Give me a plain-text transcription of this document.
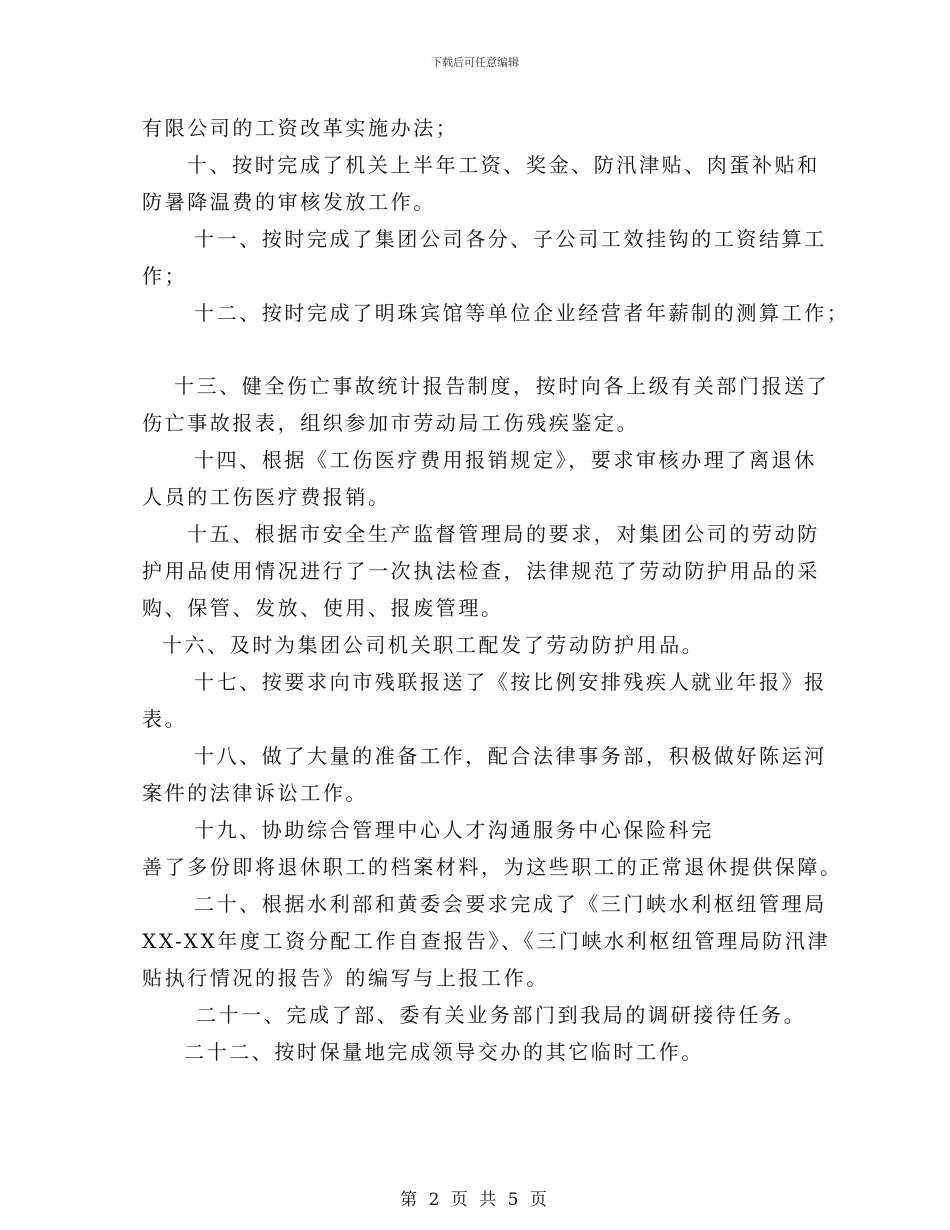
下载后可任意编辑
有限公司的工资改革实施办法；
十、按时完成了机关上半年工资、奖金、防汛津贴、肉蛋补贴和
防暑降温费的审核发放工作。
十一、按时完成了集团公司各分、子公司工效挂钩的工资结算工
作；
十二、按时完成了明珠宾馆等单位企业经营者年薪制的测算工作；
十三、健全伤亡事故统计报告制度，按时向各上级有关部门报送了
伤亡事故报表，组织参加市劳动局工伤残疾鉴定。
十四、根据《工伤医疗费用报销规定》，要求审核办理了离退休
人员的工伤医疗费报销。
十五、根据市安全生产监督管理局的要求，对集团公司的劳动防
护用品使用情况进行了一次执法检查，法律规范了劳动防护用品的采
购、保管、发放、使用、报废管理。
十六、及时为集团公司机关职工配发了劳动防护用品。
十七、按要求向市残联报送了《按比例安排残疾人就业年报》报
表。
十八、做了大量的准备工作，配合法律事务部，积极做好陈运河
案件的法律诉讼工作。
十九、协助综合管理中心人才沟通服务中心保险科完
善了多份即将退休职工的档案材料，为这些职工的正常退休提供保障。
二十、根据水利部和黄委会要求完成了《三门峡水利枢纽管理局
XX-XX年度工资分配工作自查报告》、《三门峡水利枢纽管理局防汛津
贴执行情况的报告》的编写与上报工作。
二十一、完成了部、委有关业务部门到我局的调研接待任务。
二十二、按时保量地完成领导交办的其它临时工作。
第 2 页 共 5 页
